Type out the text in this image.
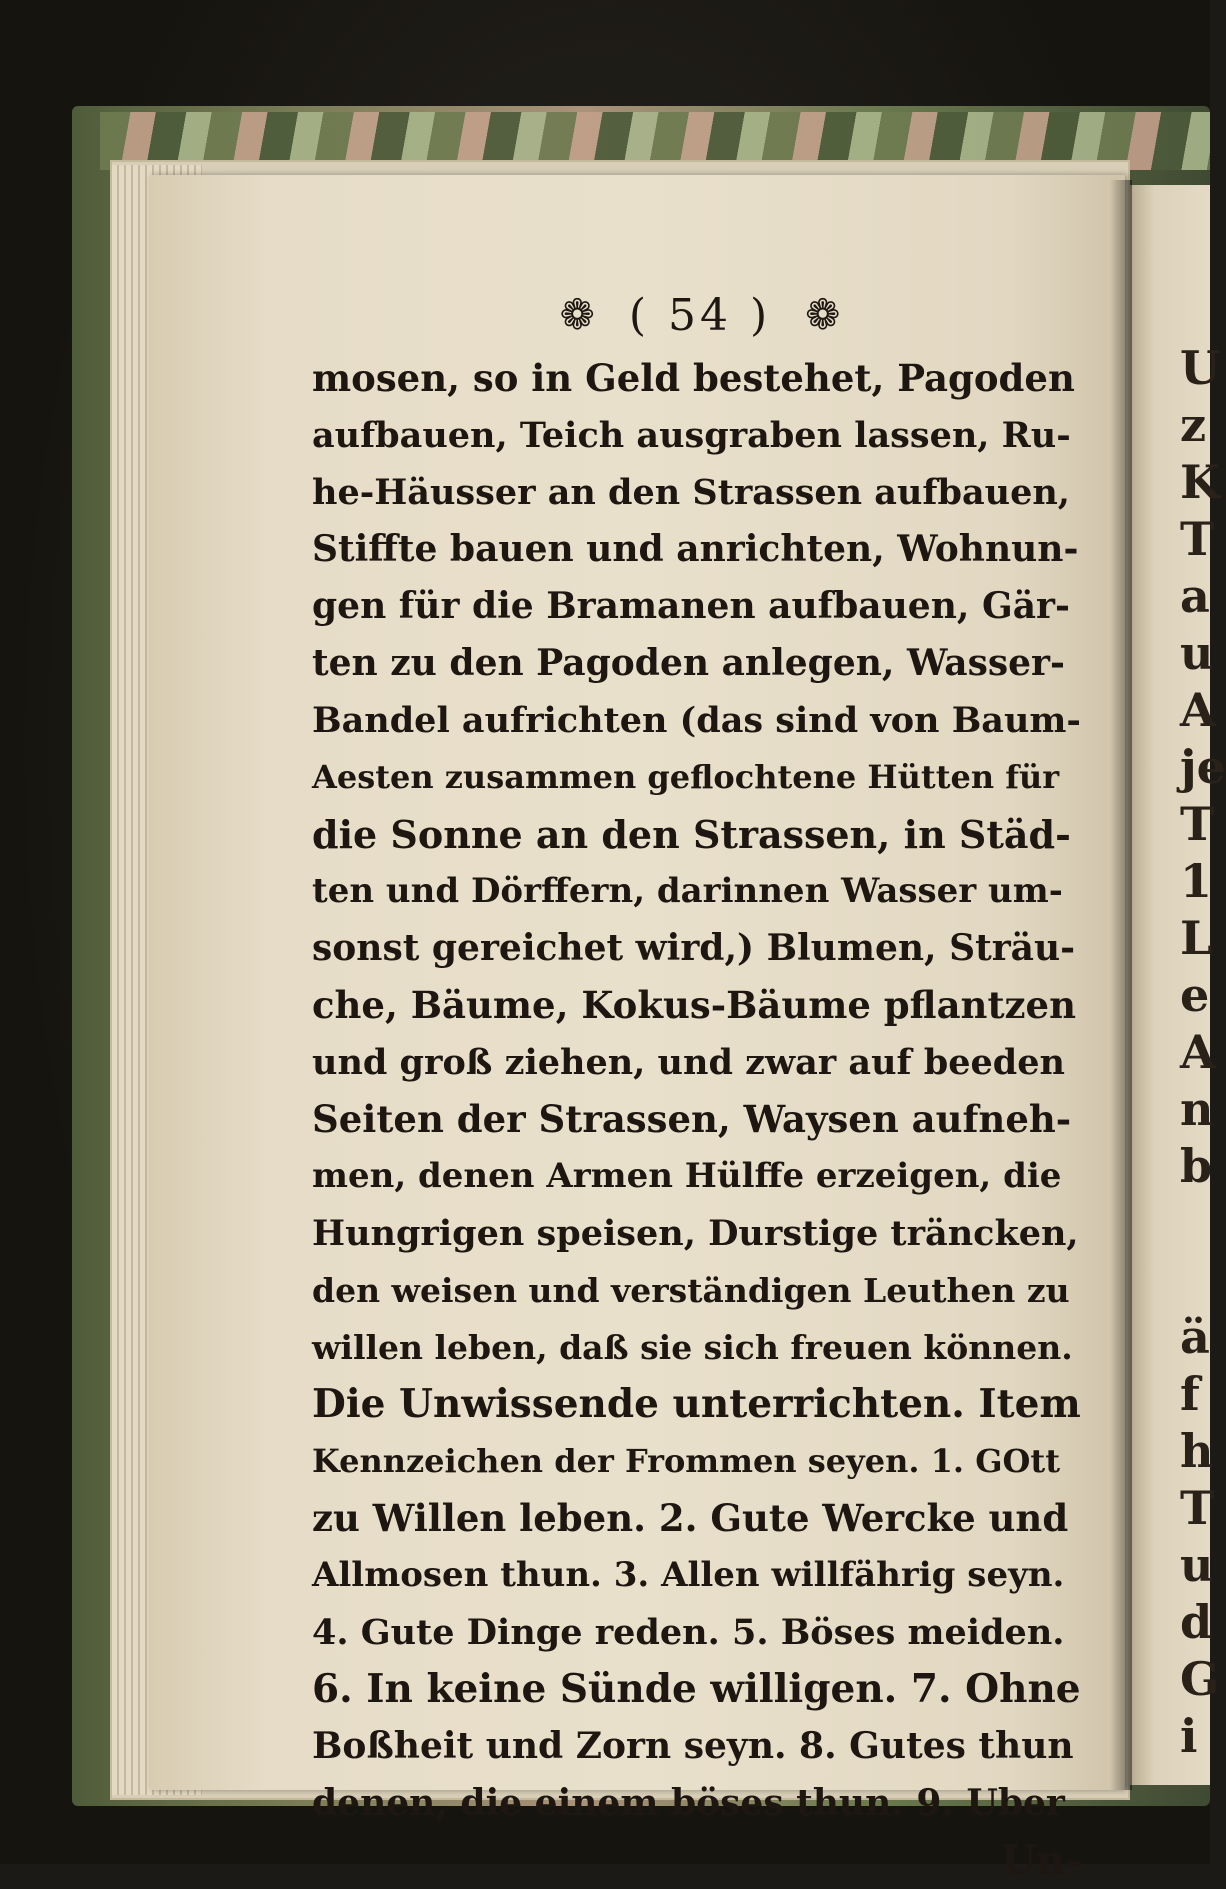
U
z
K
T
a
u
A
je
T
1
L
e
A
n
b

ä
f
h
T
u
d
G
i
❁ ( 54 ) ❁
mosen, so in Geld bestehet, Pagoden
aufbauen, Teich ausgraben lassen, Ru-
he-Häusser an den Strassen aufbauen,
Stiffte bauen und anrichten, Wohnun-
gen für die Bramanen aufbauen, Gär-
ten zu den Pagoden anlegen, Wasser-
Bandel aufrichten (das sind von Baum-
Aesten zusammen geflochtene Hütten für
die Sonne an den Strassen, in Städ-
ten und Dörffern, darinnen Wasser um-
sonst gereichet wird,) Blumen, Sträu-
che, Bäume, Kokus-Bäume pflantzen
und groß ziehen, und zwar auf beeden
Seiten der Strassen, Waysen aufneh-
men, denen Armen Hülffe erzeigen, die
Hungrigen speisen, Durstige träncken,
den weisen und verständigen Leuthen zu
willen leben, daß sie sich freuen können.
Die Unwissende unterrichten. Item
Kennzeichen der Frommen seyen. 1. GOtt
zu Willen leben. 2. Gute Wercke und
Allmosen thun. 3. Allen willfährig seyn.
4. Gute Dinge reden. 5. Böses meiden.
6. In keine Sünde willigen. 7. Ohne
Boßheit und Zorn seyn. 8. Gutes thun
denen, die einem böses thun. 9. Uber
Un-
